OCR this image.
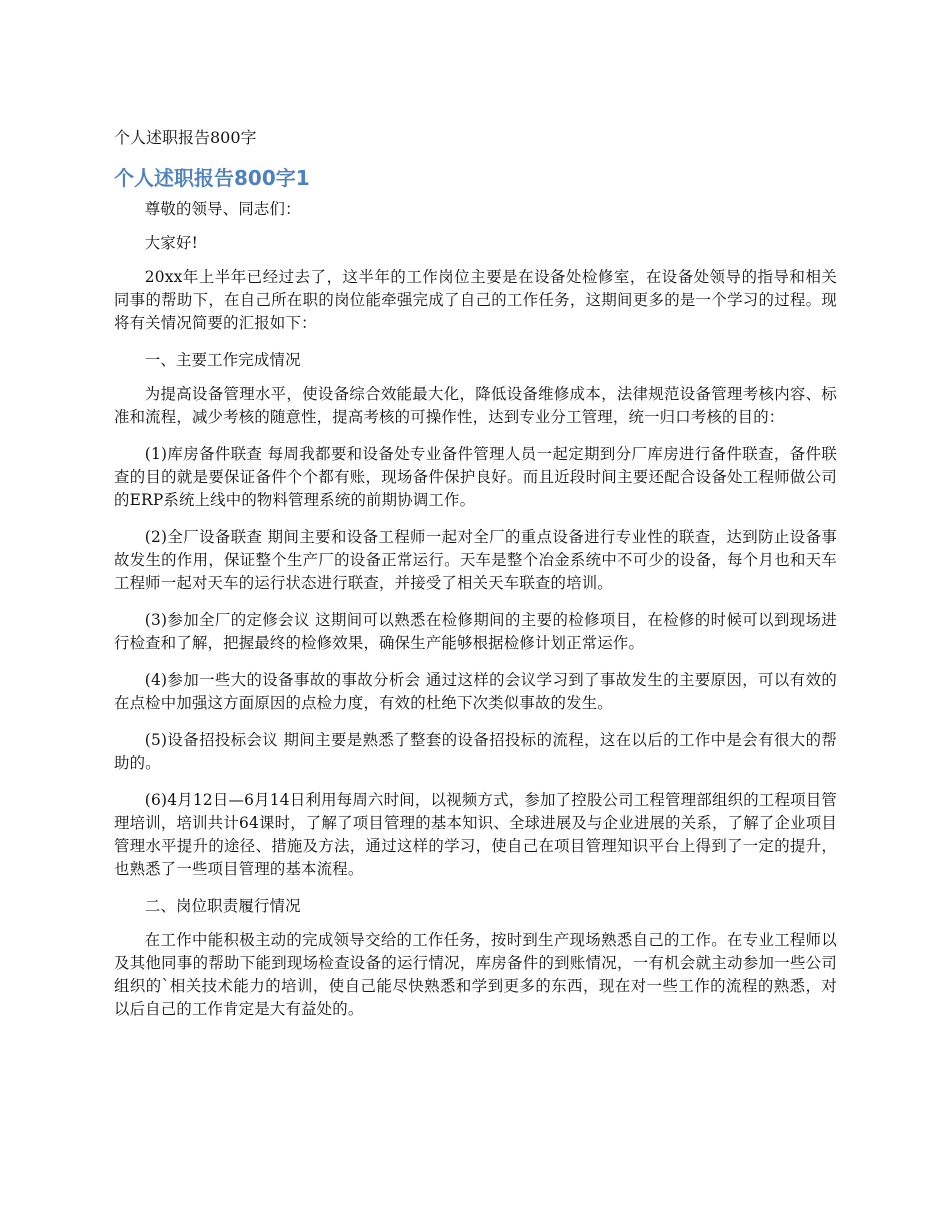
个人述职报告800字
个人述职报告800字1

尊敬的领导、同志们：

大家好!

20xx年上半年已经过去了，这半年的工作岗位主要是在设备处检修室，在设备处领导的指导和相关同事的帮助下，在自己所在职的岗位能牵强完成了自己的工作任务，这期间更多的是一个学习的过程。现将有关情况简要的汇报如下：

一、主要工作完成情况

为提高设备管理水平，使设备综合效能最大化，降低设备维修成本，法律规范设备管理考核内容、标准和流程，减少考核的随意性，提高考核的可操作性，达到专业分工管理，统一归口考核的目的：

(1)库房备件联查 每周我都要和设备处专业备件管理人员一起定期到分厂库房进行备件联查，备件联查的目的就是要保证备件个个都有账，现场备件保护良好。而且近段时间主要还配合设备处工程师做公司的ERP系统上线中的物料管理系统的前期协调工作。

(2)全厂设备联查 期间主要和设备工程师一起对全厂的重点设备进行专业性的联查，达到防止设备事故发生的作用，保证整个生产厂的设备正常运行。天车是整个冶金系统中不可少的设备，每个月也和天车工程师一起对天车的运行状态进行联查，并接受了相关天车联查的培训。

(3)参加全厂的定修会议 这期间可以熟悉在检修期间的主要的检修项目，在检修的时候可以到现场进行检查和了解，把握最终的检修效果，确保生产能够根据检修计划正常运作。

(4)参加一些大的设备事故的事故分析会 通过这样的会议学习到了事故发生的主要原因，可以有效的在点检中加强这方面原因的点检力度，有效的杜绝下次类似事故的发生。

(5)设备招投标会议 期间主要是熟悉了整套的设备招投标的流程，这在以后的工作中是会有很大的帮助的。

(6)4月12日—6月14日利用每周六时间，以视频方式，参加了控股公司工程管理部组织的工程项目管理培训，培训共计64课时，了解了项目管理的基本知识、全球进展及与企业进展的关系，了解了企业项目管理水平提升的途径、措施及方法，通过这样的学习，使自己在项目管理知识平台上得到了一定的提升，也熟悉了一些项目管理的基本流程。

二、岗位职责履行情况

在工作中能积极主动的完成领导交给的工作任务，按时到生产现场熟悉自己的工作。在专业工程师以及其他同事的帮助下能到现场检查设备的运行情况，库房备件的到账情况，一有机会就主动参加一些公司组织的`相关技术能力的培训，使自己能尽快熟悉和学到更多的东西，现在对一些工作的流程的熟悉，对以后自己的工作肯定是大有益处的。
